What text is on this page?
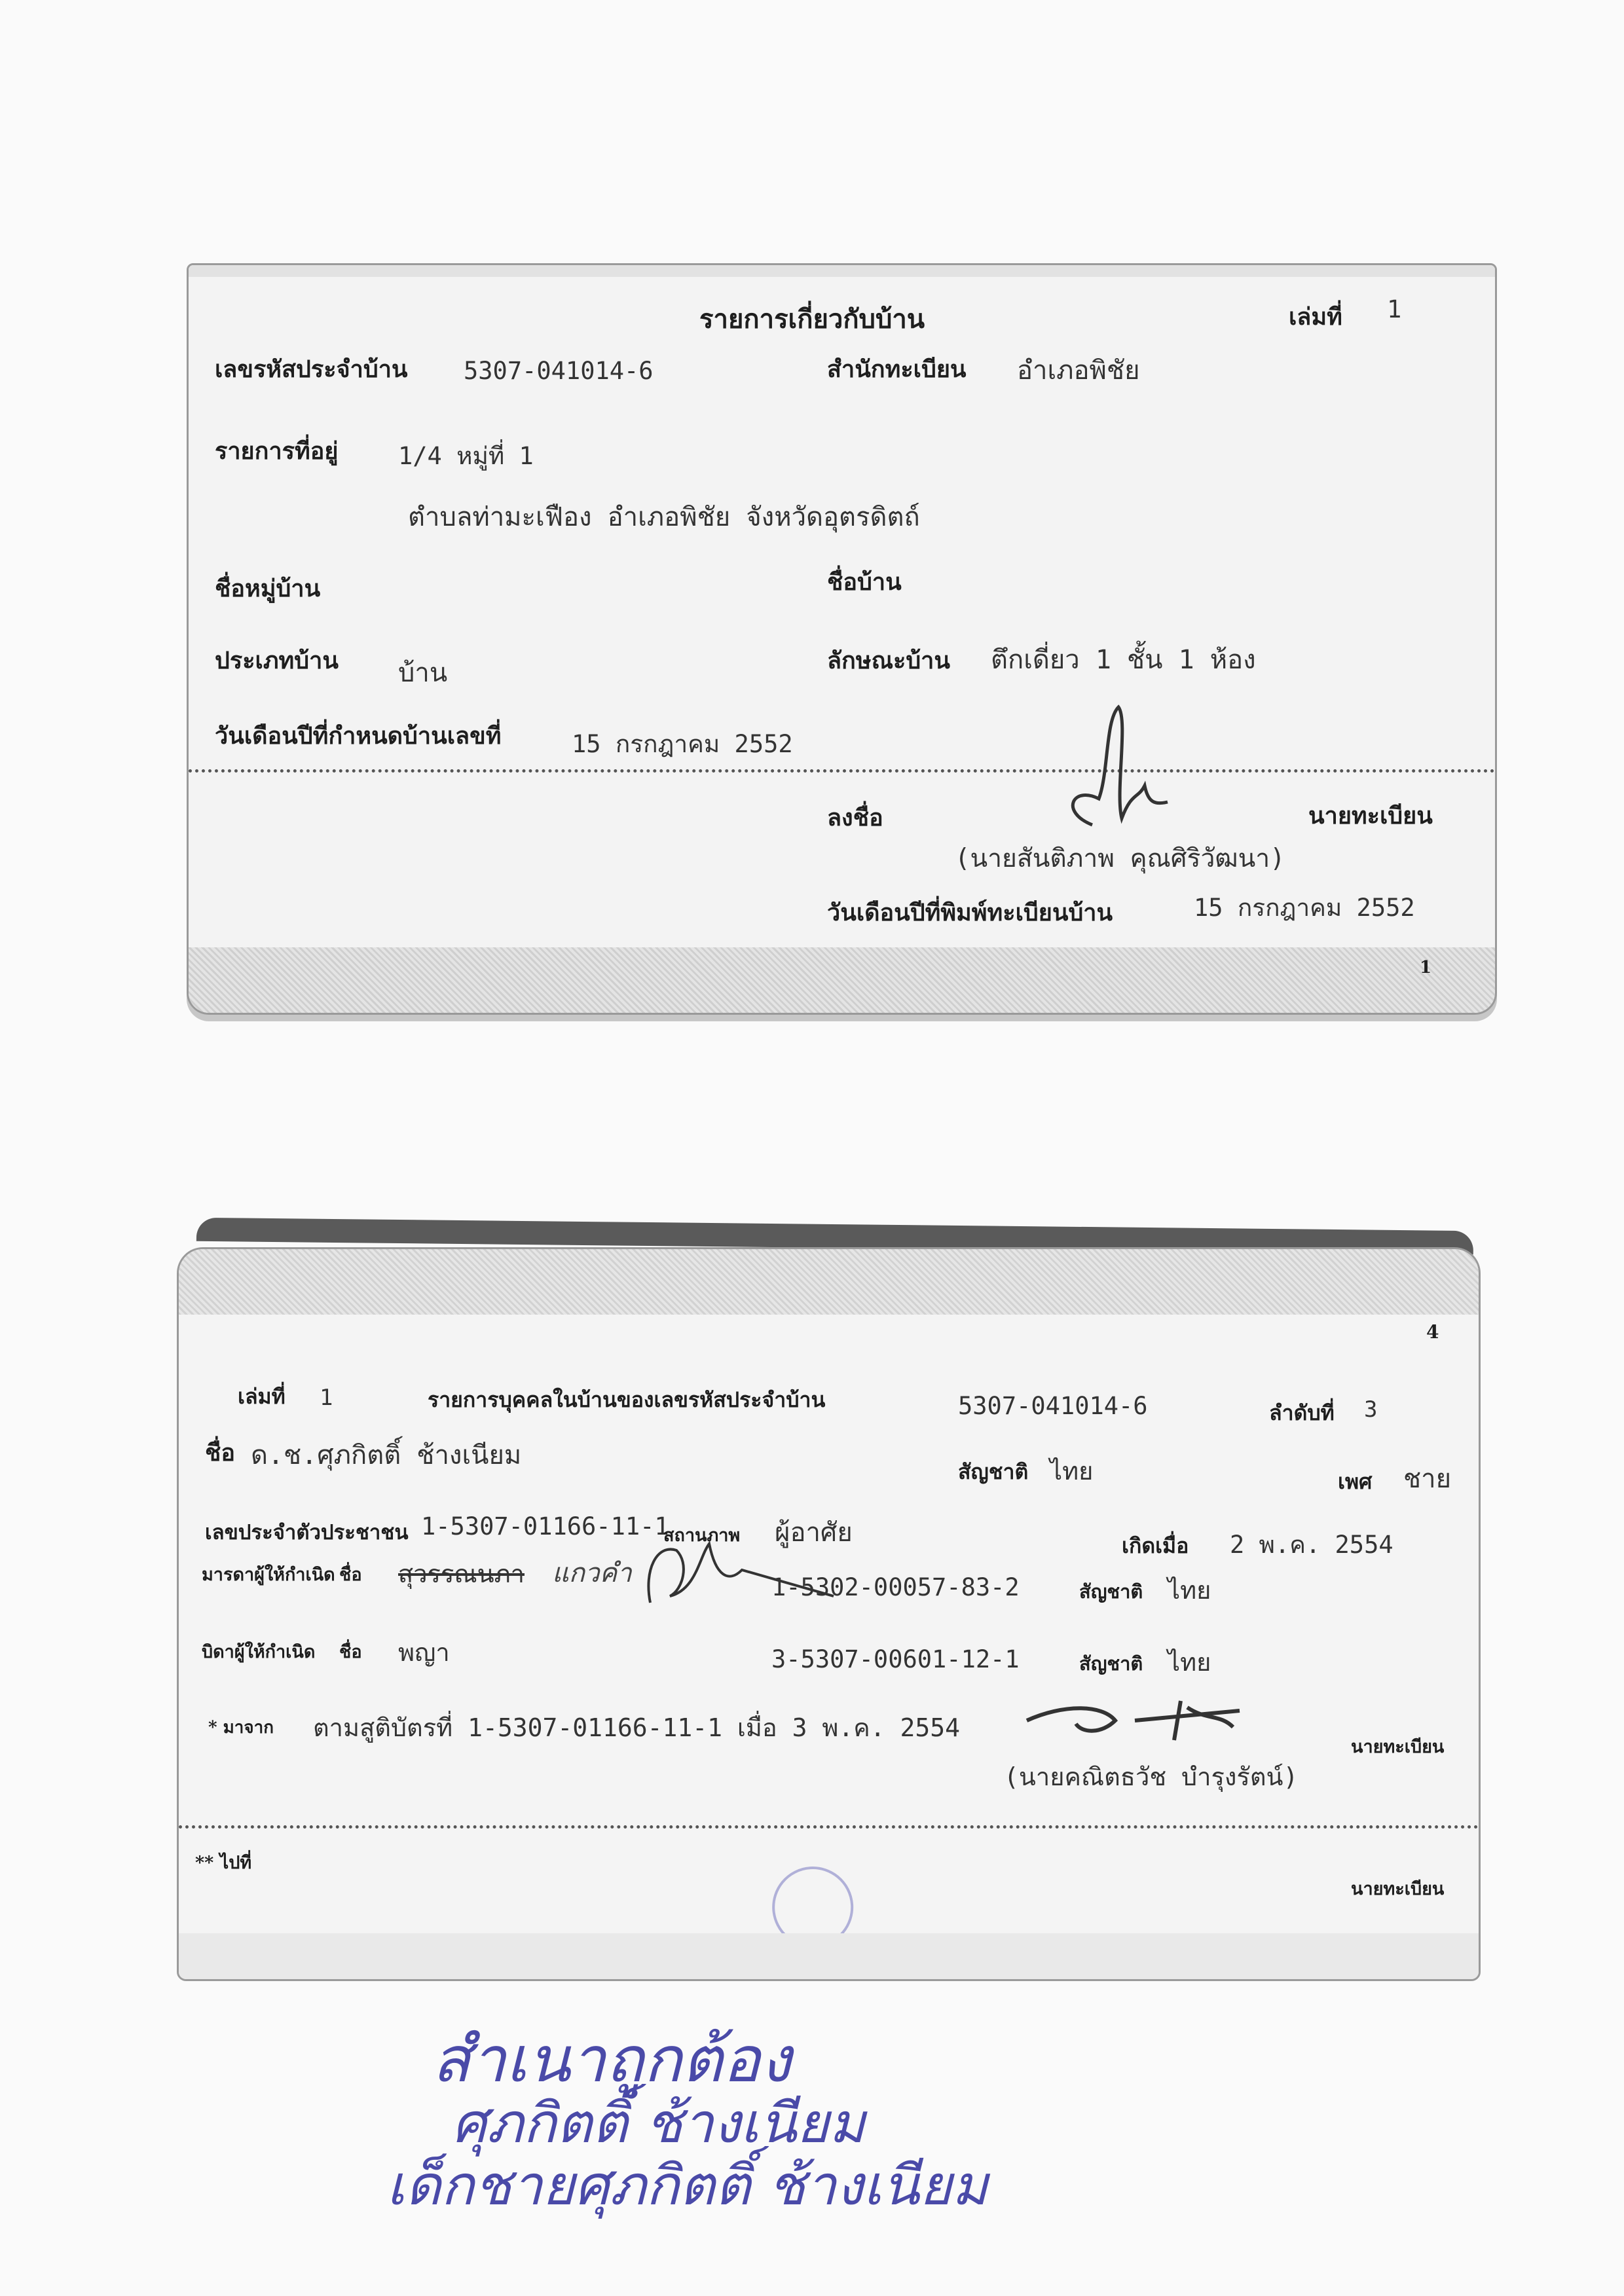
รายการเกี่ยวกับบ้าน	เล่มที่ 1
เลขรหัสประจำบ้าน 5307-041014-6	สำนักทะเบียน อำเภอพิชัย
รายการที่อยู่ 1/4 หมู่ที่ 1
ตำบลท่ามะเฟือง อำเภอพิชัย จังหวัดอุตรดิตถ์
ชื่อหมู่บ้าน	ชื่อบ้าน
ประเภทบ้าน บ้าน	ลักษณะบ้าน ตึกเดี่ยว 1 ชั้น 1 ห้อง
วันเดือนปีที่กำหนดบ้านเลขที่	15 กรกฎาคม 2552
ลงชื่อ	นายทะเบียน
(นายสันติภาพ คุณศิริวัฒนา)
วันเดือนปีที่พิมพ์ทะเบียนบ้าน	15 กรกฎาคม 2552
1
4
เล่มที่ 1	รายการบุคคลในบ้านของเลขรหัสประจำบ้าน	5307-041014-6	ลำดับที่ 3
ชื่อ ด.ช.ศุภกิตติ์ ช้างเนียม
สัญชาติ ไทย	เพศ ชาย
เลขประจำตัวประชาชน 1-5307-01166-11-1
สถานภาพ ผู้อาศัย	เกิดเมื่อ 2 พ.ค. 2554
มารดาผู้ให้กำเนิด ชื่อ สุวรรณนภา แกวคำ	1-5302-00057-83-2	สัญชาติ ไทย
บิดาผู้ให้กำเนิด ชื่อ พญา	3-5307-00601-12-1	สัญชาติ ไทย
* มาจาก ตามสูติบัตรที่ 1-5307-01166-11-1 เมื่อ 3 พ.ค. 2554
นายทะเบียน
(นายคณิตธวัช บำรุงรัตน์)
** ไปที่
นายทะเบียน
สำเนาถูกต้อง
ศุภกิตติ์ ช้างเนียม
เด็กชายศุภกิตติ์ ช้างเนียม
